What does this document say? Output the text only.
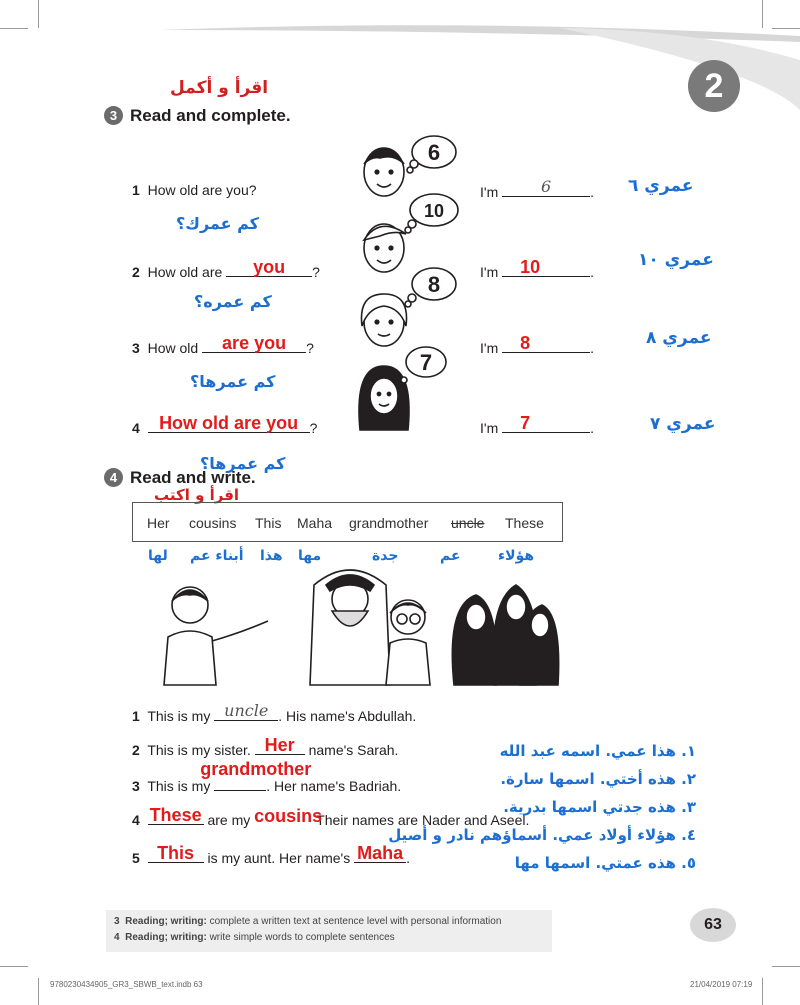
2
اقرأ و أكمل
3 Read and complete.
1 How old are you?	I'm	6	. عمري ٦
كم عمرك؟
2 How old are	you	?	I'm	10	.
عمري ١٠
كم عمره؟
3 How old	are you	?	I'm	8	.	عمري ٨
كم عمرها؟
4	How old are you ?	I'm	7	.	عمري ٧
كم عمرها؟
6
10
8
7
4 Read and write.
اقرأ و اكتب
Her cousins This Maha grandmother uncle These
لها أبناء عم هذا مها	جدة	عم	هؤلاء
1 This is my uncle . His name's Abdullah.
2 This is my sister. Her name's Sarah.
3 This is my
grandmother
. Her name's Badriah.
4 These are my cousins
Their names are Nader and Aseel.
5 This is my aunt. Her name's Maha .
١. هذا عمي. اسمه عبد الله
٢. هذه أختي. اسمها سارة.
٣. هذه جدتي اسمها بدرية.
٤. هؤلاء أولاد عمي. أسماؤهم نادر و أصيل
٥. هذه عمتي. اسمها مها
3 Reading; writing: complete a written text at sentence level with personal information
4 Reading; writing: write simple words to complete sentences
63
9780230434905_GR3_SBWB_text.indb 63	21/04/2019 07:19
